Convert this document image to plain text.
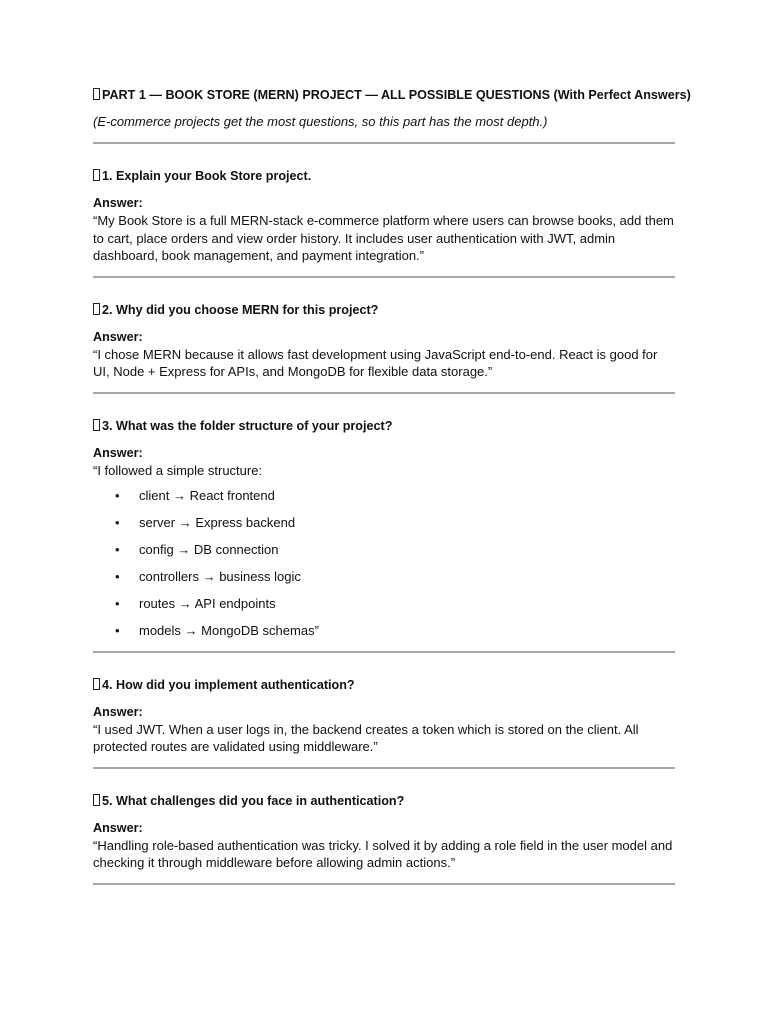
PART 1 — BOOK STORE (MERN) PROJECT — ALL POSSIBLE QUESTIONS (With Perfect Answers)

(E-commerce projects get the most questions, so this part has the most depth.)

1. Explain your Book Store project.

Answer:

“My Book Store is a full MERN-stack e-commerce platform where users can browse books, add them to cart, place orders and view order history. It includes user authentication with JWT, admin dashboard, book management, and payment integration.”

2. Why did you choose MERN for this project?

Answer:

“I chose MERN because it allows fast development using JavaScript end-to-end. React is good for UI, Node + Express for APIs, and MongoDB for flexible data storage.”

3. What was the folder structure of your project?

Answer:

“I followed a simple structure:

• client → React frontend
• server → Express backend
• config → DB connection
• controllers → business logic
• routes → API endpoints
• models → MongoDB schemas”

4. How did you implement authentication?

Answer:

“I used JWT. When a user logs in, the backend creates a token which is stored on the client. All protected routes are validated using middleware.”

5. What challenges did you face in authentication?

Answer:

“Handling role-based authentication was tricky. I solved it by adding a role field in the user model and checking it through middleware before allowing admin actions.”
